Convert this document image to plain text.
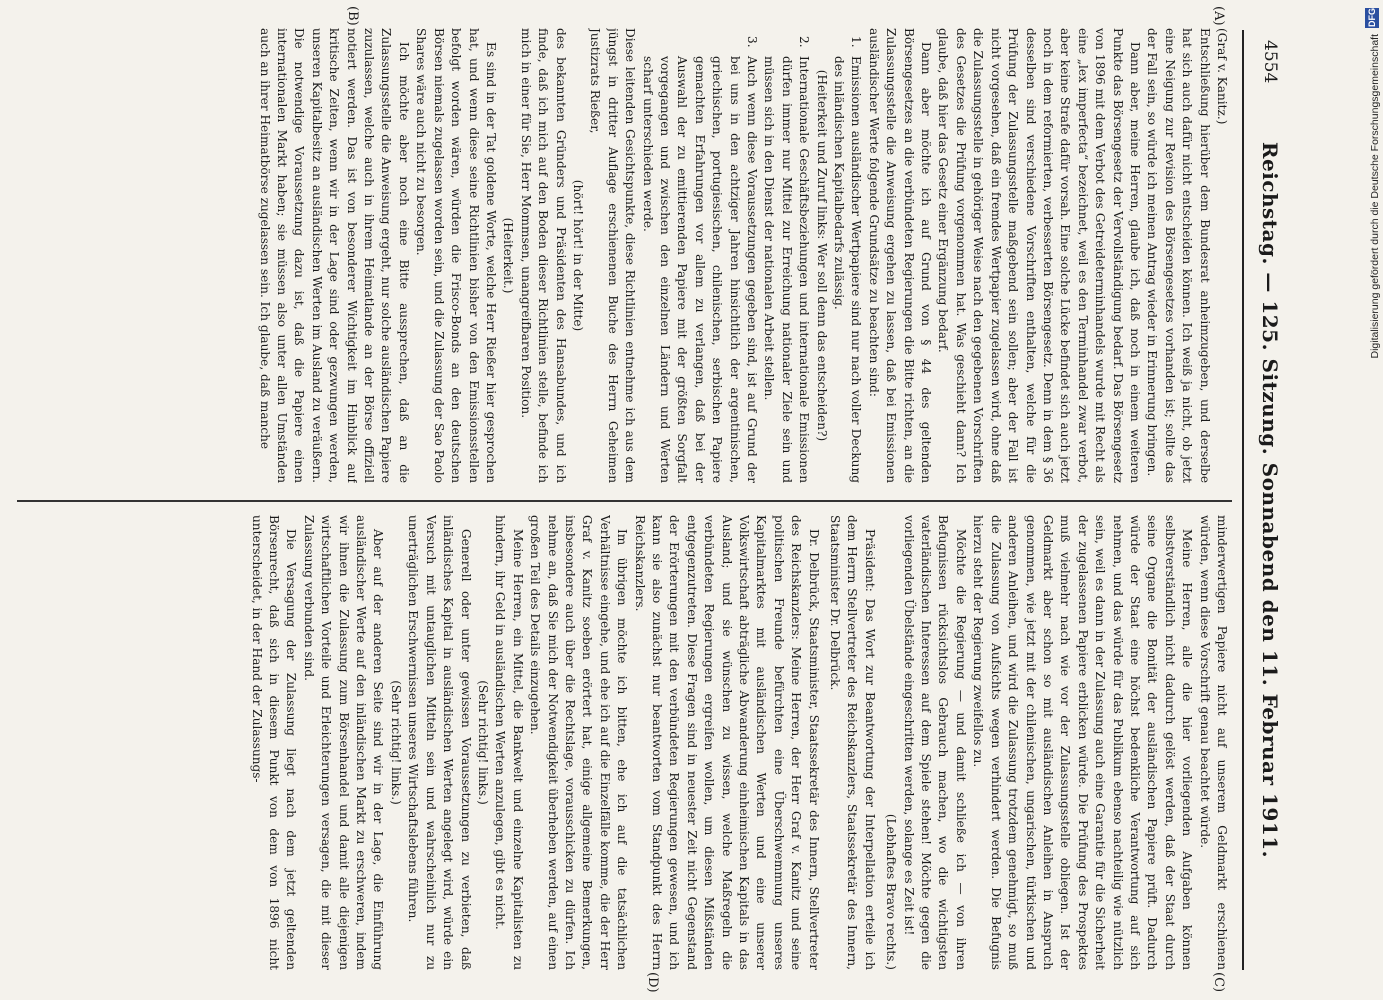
4554
Reichstag. — 125. Sitzung. Sonnabend den 11. Februar 1911.
(A)
(B)
(C)
(D)

(Graf v. Kanitz.)

Entschließung hierüber dem Bundesrat anheimzugeben, und derselbe hat sich auch dafür nicht entscheiden können. Ich weiß ja nicht, ob jetzt eine Neigung zur Revision des Börsengesetzes vorhanden ist; sollte das der Fall sein, so würde ich meinen Antrag wieder in Erinnerung bringen.

Dann aber, meine Herren, glaube ich, daß noch in einem weiteren Punkte das Börsengesetz der Vervollständigung bedarf. Das Börsengesetz von 1896 mit dem Verbot des Getreideterminhandels wurde mit Recht als eine „lex imperfecta“ bezeichnet, weil es den Terminhandel zwar verbot, aber keine Strafe dafür vorsah. Eine solche Lücke befindet sich auch jetzt noch in dem reformierten, verbesserten Börsengesetz. Denn in dem § 36 desselben sind verschiedene Vorschriften enthalten, welche für die Prüfung der Zulassungsstelle maßgebend sein sollen; aber der Fall ist nicht vorgesehen, daß ein fremdes Wertpapier zugelassen wird, ohne daß die Zulassungsstelle in gehöriger Weise nach den gegebenen Vorschriften des Gesetzes die Prüfung vorgenommen hat. Was geschieht dann? Ich glaube, daß hier das Gesetz einer Ergänzung bedarf.

Dann aber möchte ich auf Grund von § 44 des geltenden Börsengesetzes an die verbündeten Regierungen die Bitte richten, an die Zulassungsstelle die Anweisung ergehen zu lassen, daß bei Emissionen ausländischer Werte folgende Grundsätze zu beachten sind:

1.
Emissionen ausländischer Wertpapiere sind nur nach voller Deckung des inländischen Kapitalbedarfs zulässig.

(Heiterkeit und Zuruf links: Wer soll denn das entscheiden?)

2.
Internationale Geschäftsbeziehungen und internationale Emissionen dürfen immer nur Mittel zur Erreichung nationaler Ziele sein und müssen sich in den Dienst der nationalen Arbeit stellen.

3.
Auch wenn diese Voraussetzungen gegeben sind, ist auf Grund der bei uns in den achtziger Jahren hinsichtlich der argentinischen, griechischen, portugiesischen, chilenischen, serbischen Papiere gemachten Erfahrungen vor allem zu verlangen, daß bei der Auswahl der zu emittierenden Papiere mit der größten Sorgfalt vorgegangen und zwischen den einzelnen Ländern und Werten scharf unterschieden werde.

Diese leitenden Gesichtspunkte, diese Richtlinien entnehme ich aus dem jüngst in dritter Auflage erschienenen Buche des Herrn Geheimen Justizrats Rießer,

(hört! hört! in der Mitte)

des bekannten Gründers und Präsidenten des Hansabundes, und ich finde, daß ich mich auf den Boden dieser Richtlinien stelle, befinde ich mich in einer für Sie, Herr Mommsen, unangreifbaren Position.

(Heiterkeit.)

Es sind in der Tat goldene Worte, welche Herr Rießer hier gesprochen hat, und wenn diese seine Richtlinien bisher von den Emissionsstellen befolgt worden wären, würden die Frisco-Bonds an den deutschen Börsen niemals zugelassen worden sein, und die Zulassung der Sao Paolo Shares wäre auch nicht zu besorgen.

Ich möchte aber noch eine Bitte aussprechen, daß an die Zulassungsstelle die Anweisung ergeht, nur solche ausländischen Papiere zuzulassen, welche auch in ihrem Heimatlande an der Börse offiziell notiert werden. Das ist von besonderer Wichtigkeit im Hinblick auf kritische Zeiten, wenn wir in der Lage sind oder gezwungen werden, unseren Kapitalbesitz an ausländischen Werten im Ausland zu veräußern. Die notwendige Voraussetzung dazu ist, daß die Papiere einen internationalen Markt haben; sie müssen also unter allen Umständen auch an ihrer Heimatbörse zugelassen sein. Ich glaube, daß manche

minderwertigen Papiere nicht auf unserem Geldmarkt erschienen würden, wenn diese Vorschrift genau beachtet würde.

Meine Herren, alle die hier vorliegenden Aufgaben können selbstverständlich nicht dadurch gelöst werden, daß der Staat durch seine Organe die Bonität der ausländischen Papiere prüft. Dadurch würde der Staat eine höchst bedenkliche Verantwortung auf sich nehmen, und das würde für das Publikum ebenso nachteilig wie nützlich sein, weil es dann in der Zulassung auch eine Garantie für die Sicherheit der zugelassenen Papiere erblicken würde. Die Prüfung des Prospektes muß vielmehr nach wie vor der Zulassungsstelle obliegen. Ist der Geldmarkt aber schon so mit ausländischen Anleihen in Anspruch genommen, wie jetzt mit der chilenischen, ungarischen, türkischen und anderen Anleihen, und wird die Zulassung trotzdem genehmigt, so muß die Zulassung von Aufsichts wegen verhindert werden. Die Befugnis hierzu steht der Regierung zweifellos zu.

Möchte die Regierung — und damit schließe ich — von ihren Befugnissen rücksichtslos Gebrauch machen, wo die wichtigsten vaterländischen Interessen auf dem Spiele stehen! Möchte gegen die vorliegenden Übelstände eingeschritten werden, solange es Zeit ist!

(Lebhaftes Bravo rechts.)

Präsident: Das Wort zur Beantwortung der Interpellation erteile ich dem Herrn Stellvertreter des Reichskanzlers, Staatssekretär des Innern, Staatsminister Dr. Delbrück.

Dr. Delbrück, Staatsminister, Staatssekretär des Innern, Stellvertreter des Reichskanzlers: Meine Herren, der Herr Graf v. Kanitz und seine politischen Freunde befürchten eine Überschwemmung unseres Kapitalmarktes mit ausländischen Werten und eine unserer Volkswirtschaft abträgliche Abwanderung einheimischen Kapitals in das Ausland; und sie wünschen zu wissen, welche Maßregeln die verbündeten Regierungen ergreifen wollen, um diesen Mißständen entgegenzutreten. Diese Fragen sind in neuester Zeit nicht Gegenstand der Erörterungen mit den verbündeten Regierungen gewesen, und ich kann sie also zunächst nur beantworten vom Standpunkt des Herrn Reichskanzlers.

Im übrigen möchte ich bitten, ehe ich auf die tatsächlichen Verhältnisse eingehe, und ehe ich auf die Einzelfälle komme, die der Herr Graf v. Kanitz soeben erörtert hat, einige allgemeine Bemerkungen, insbesondere auch über die Rechtslage, vorausschicken zu dürfen. Ich nehme an, daß Sie mich der Notwendigkeit überheben werden, auf einen großen Teil des Details einzugehen.

Meine Herren, ein Mittel, die Bankwelt und einzelne Kapitalisten zu hindern, ihr Geld in ausländischen Werten anzulegen, gibt es nicht.

(Sehr richtig! links.)

Generell oder unter gewissen Voraussetzungen zu verbieten, daß inländisches Kapital in ausländischen Werten angelegt wird, würde ein Versuch mit untauglichen Mitteln sein und wahrscheinlich nur zu unerträglichen Erschwernissen unseres Wirtschaftslebens führen.

(Sehr richtig! links.)

Aber auf der anderen Seite sind wir in der Lage, die Einführung ausländischer Werte auf den inländischen Markt zu erschweren, indem wir ihnen die Zulassung zum Börsenhandel und damit alle diejenigen wirtschaftlichen Vorteile und Erleichterungen versagen, die mit dieser Zulassung verbunden sind.

Die Versagung der Zulassung liegt nach dem jetzt geltenden Börsenrecht, daß sich in diesem Punkt von dem von 1896 nicht unterscheidet, in der Hand der Zulassungs-

DFG
Digitalisierung gefördert durch die Deutsche Forschungsgemeinschaft
